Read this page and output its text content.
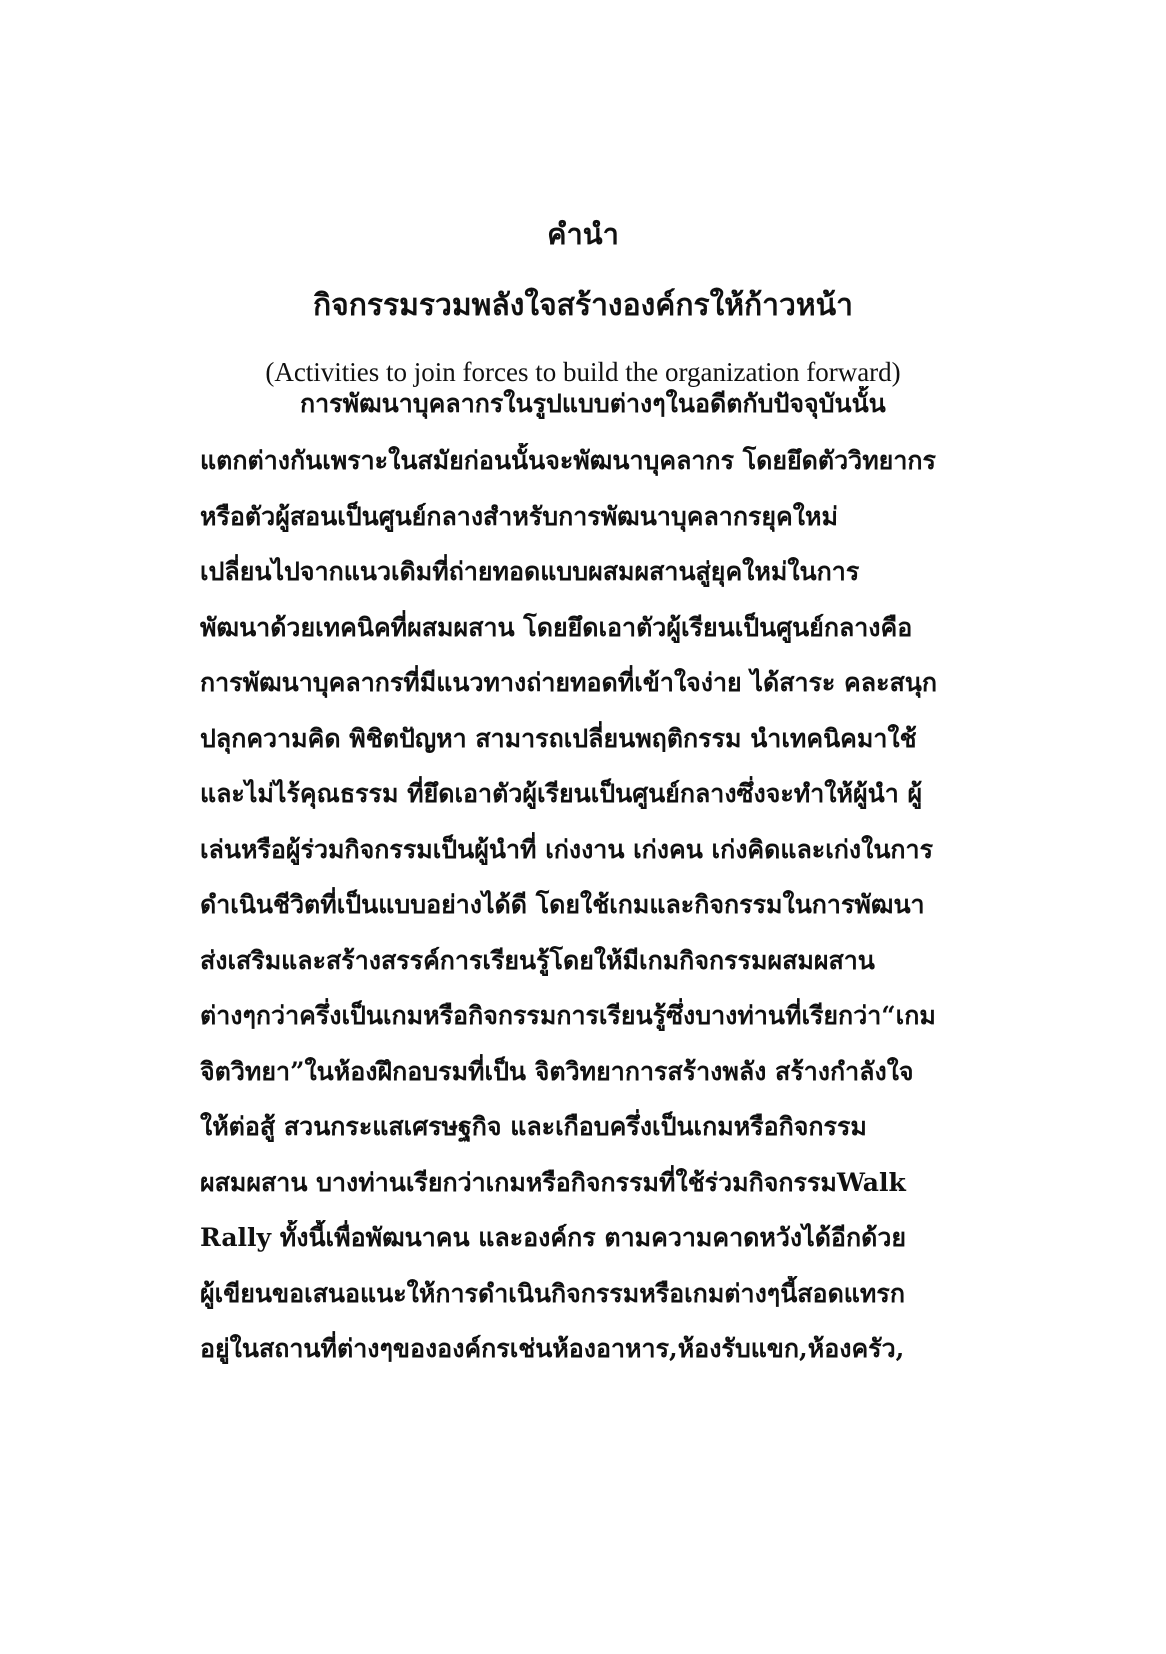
คำนำ
กิจกรรมรวมพลังใจสร้างองค์กรให้ก้าวหน้า
(Activities to join forces to build the organization forward)
การพัฒนาบุคลากรในรูปแบบต่างๆในอดีตกับปัจจุบันนั้น
แตกต่างกันเพราะในสมัยก่อนนั้นจะพัฒนาบุคลากร โดยยึดตัววิทยากร
หรือตัวผู้สอนเป็นศูนย์กลางสำหรับการพัฒนาบุคลากรยุคใหม่
เปลี่ยนไปจากแนวเดิมที่ถ่ายทอดแบบผสมผสานสู่ยุคใหม่ในการ
พัฒนาด้วยเทคนิคที่ผสมผสาน โดยยึดเอาตัวผู้เรียนเป็นศูนย์กลางคือ
การพัฒนาบุคลากรที่มีแนวทางถ่ายทอดที่เข้าใจง่าย ได้สาระ คละสนุก
ปลุกความคิด พิชิตปัญหา สามารถเปลี่ยนพฤติกรรม นำเทคนิคมาใช้
และไม่ไร้คุณธรรม ที่ยึดเอาตัวผู้เรียนเป็นศูนย์กลางซึ่งจะทำให้ผู้นำ ผู้
เล่นหรือผู้ร่วมกิจกรรมเป็นผู้นำที่ เก่งงาน เก่งคน เก่งคิดและเก่งในการ
ดำเนินชีวิตที่เป็นแบบอย่างได้ดี โดยใช้เกมและกิจกรรมในการพัฒนา
ส่งเสริมและสร้างสรรค์การเรียนรู้โดยให้มีเกมกิจกรรมผสมผสาน
ต่างๆกว่าครึ่งเป็นเกมหรือกิจกรรมการเรียนรู้ซึ่งบางท่านที่เรียกว่า“เกม
จิตวิทยา”ในห้องฝึกอบรมที่เป็น จิตวิทยาการสร้างพลัง สร้างกำลังใจ
ให้ต่อสู้ สวนกระแสเศรษฐกิจ และเกือบครึ่งเป็นเกมหรือกิจกรรม
ผสมผสาน บางท่านเรียกว่าเกมหรือกิจกรรมที่ใช้ร่วมกิจกรรมWalk
Rally ทั้งนี้เพื่อพัฒนาคน และองค์กร ตามความคาดหวังได้อีกด้วย
ผู้เขียนขอเสนอแนะให้การดำเนินกิจกรรมหรือเกมต่างๆนี้สอดแทรก
อยู่ในสถานที่ต่างๆขององค์กรเช่นห้องอาหาร,ห้องรับแขก,ห้องครัว,
